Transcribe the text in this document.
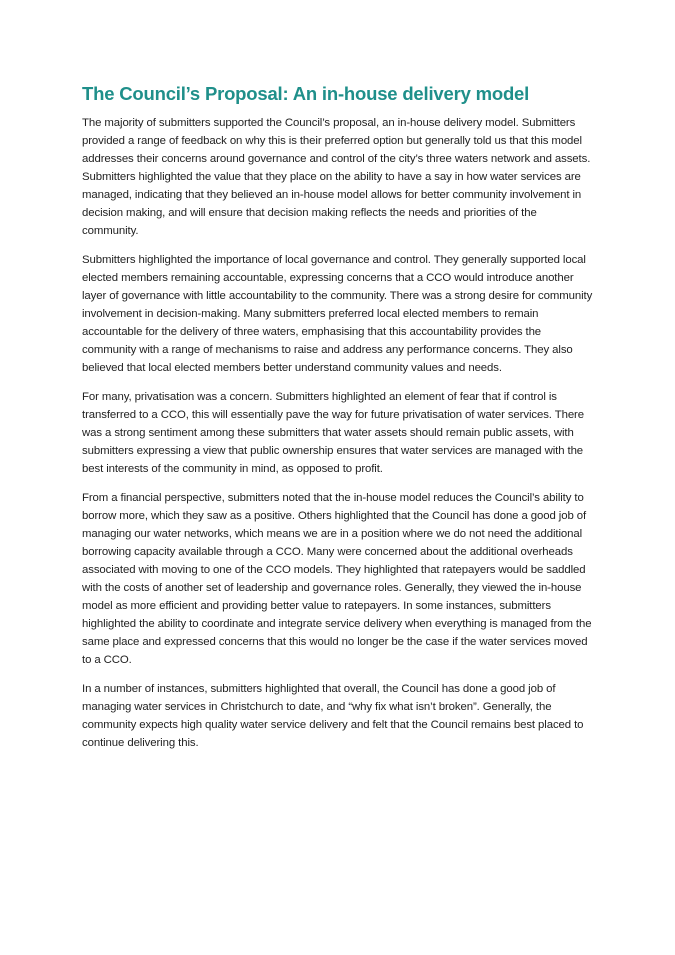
The Council’s Proposal: An in-house delivery model

The majority of submitters supported the Council’s proposal, an in-house delivery model. Submitters provided a range of feedback on why this is their preferred option but generally told us that this model addresses their concerns around governance and control of the city’s three waters network and assets. Submitters highlighted the value that they place on the ability to have a say in how water services are managed, indicating that they believed an in-house model allows for better community involvement in decision making, and will ensure that decision making reflects the needs and priorities of the community.

Submitters highlighted the importance of local governance and control. They generally supported local elected members remaining accountable, expressing concerns that a CCO would introduce another layer of governance with little accountability to the community. There was a strong desire for community involvement in decision-making. Many submitters preferred local elected members to remain accountable for the delivery of three waters, emphasising that this accountability provides the community with a range of mechanisms to raise and address any performance concerns. They also believed that local elected members better understand community values and needs.

For many, privatisation was a concern. Submitters highlighted an element of fear that if control is transferred to a CCO, this will essentially pave the way for future privatisation of water services. There was a strong sentiment among these submitters that water assets should remain public assets, with submitters expressing a view that public ownership ensures that water services are managed with the best interests of the community in mind, as opposed to profit.

From a financial perspective, submitters noted that the in-house model reduces the Council’s ability to borrow more, which they saw as a positive. Others highlighted that the Council has done a good job of managing our water networks, which means we are in a position where we do not need the additional borrowing capacity available through a CCO. Many were concerned about the additional overheads associated with moving to one of the CCO models. They highlighted that ratepayers would be saddled with the costs of another set of leadership and governance roles. Generally, they viewed the in-house model as more efficient and providing better value to ratepayers. In some instances, submitters highlighted the ability to coordinate and integrate service delivery when everything is managed from the same place and expressed concerns that this would no longer be the case if the water services moved to a CCO.

In a number of instances, submitters highlighted that overall, the Council has done a good job of managing water services in Christchurch to date, and “why fix what isn’t broken”. Generally, the community expects high quality water service delivery and felt that the Council remains best placed to continue delivering this.
